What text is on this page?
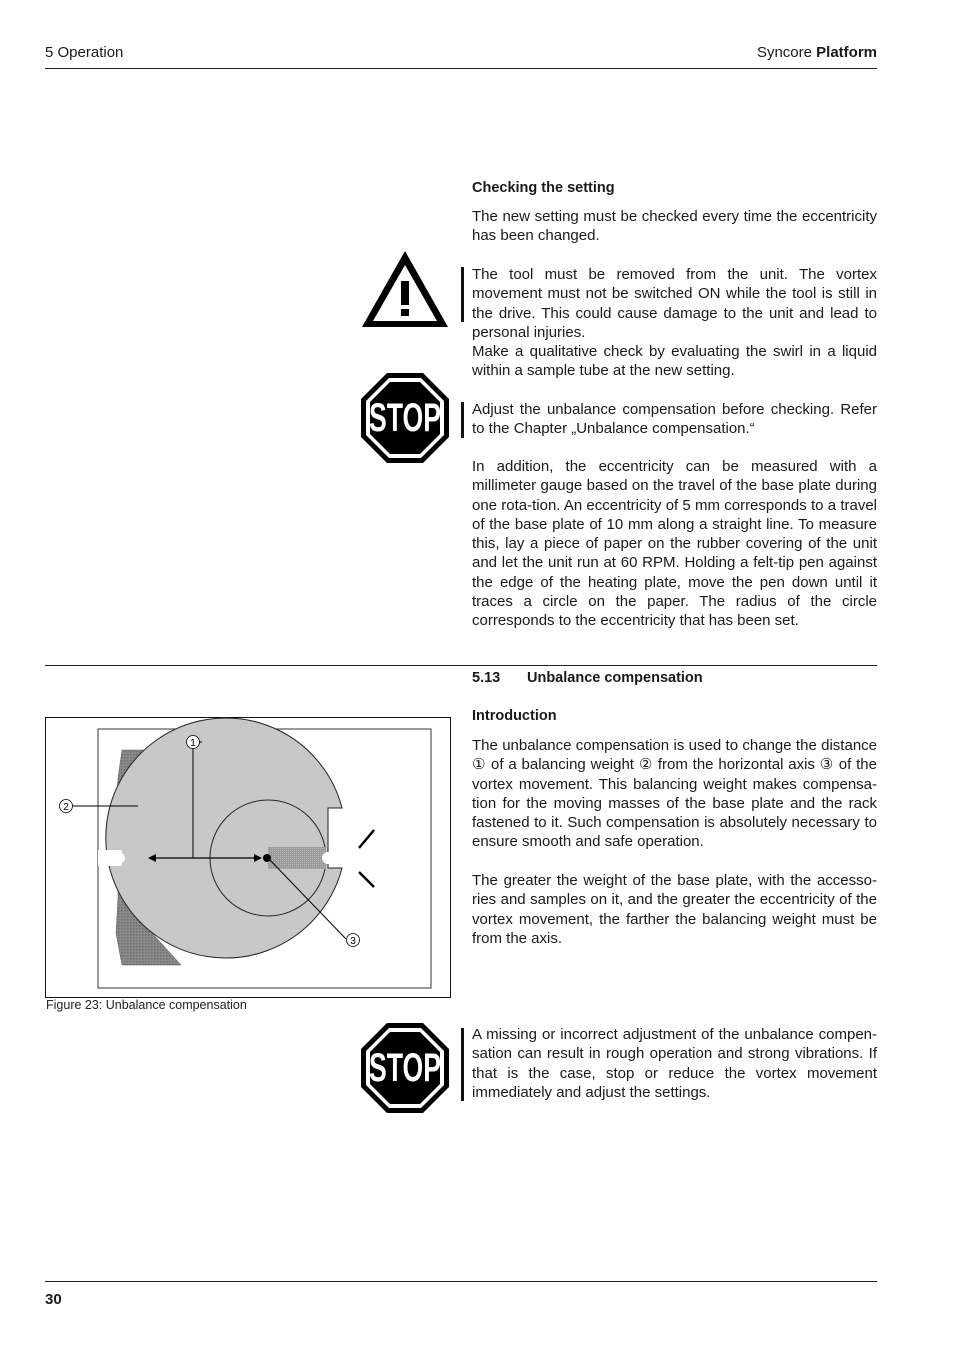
5 Operation	Syncore Platform

Checking the setting

The new setting must be checked every time the eccentricity has been changed.

The tool must be removed from the unit. The vortex movement must not be switched ON while the tool is still in the drive. This could cause damage to the unit and lead to personal injuries.

Make a qualitative check by evaluating the swirl in a liquid within a sample tube at the new setting.

STOP Adjust the unbalance compensation before checking. Refer to the Chapter „Unbalance compensation.“

In addition, the eccentricity can be measured with a millimeter gauge based on the travel of the base plate during one rota-tion. An eccentricity of 5 mm corresponds to a travel of the base plate of 10 mm along a straight line. To measure this, lay a piece of paper on the rubber covering of the unit and let the unit run at 60 RPM. Holding a felt-tip pen against the edge of the heating plate, move the pen down until it traces a circle on the paper. The radius of the circle corresponds to the eccentricity that has been set.

5.13 Unbalance compensation

Introduction

The unbalance compensation is used to change the distance ① of a balancing weight ② from the horizontal axis ③ of the vortex movement. This balancing weight makes compensa-tion for the moving masses of the base plate and the rack fastened to it. Such compensation is absolutely necessary to ensure smooth and safe operation.

The greater the weight of the base plate, with the accesso-ries and samples on it, and the greater the eccentricity of the vortex movement, the farther the balancing weight must be from the axis.

1
2
3
Figure 23: Unbalance compensation
STOP

A missing or incorrect adjustment of the unbalance compen-sation can result in rough operation and strong vibrations. If that is the case, stop or reduce the vortex movement immediately and adjust the settings.

30
